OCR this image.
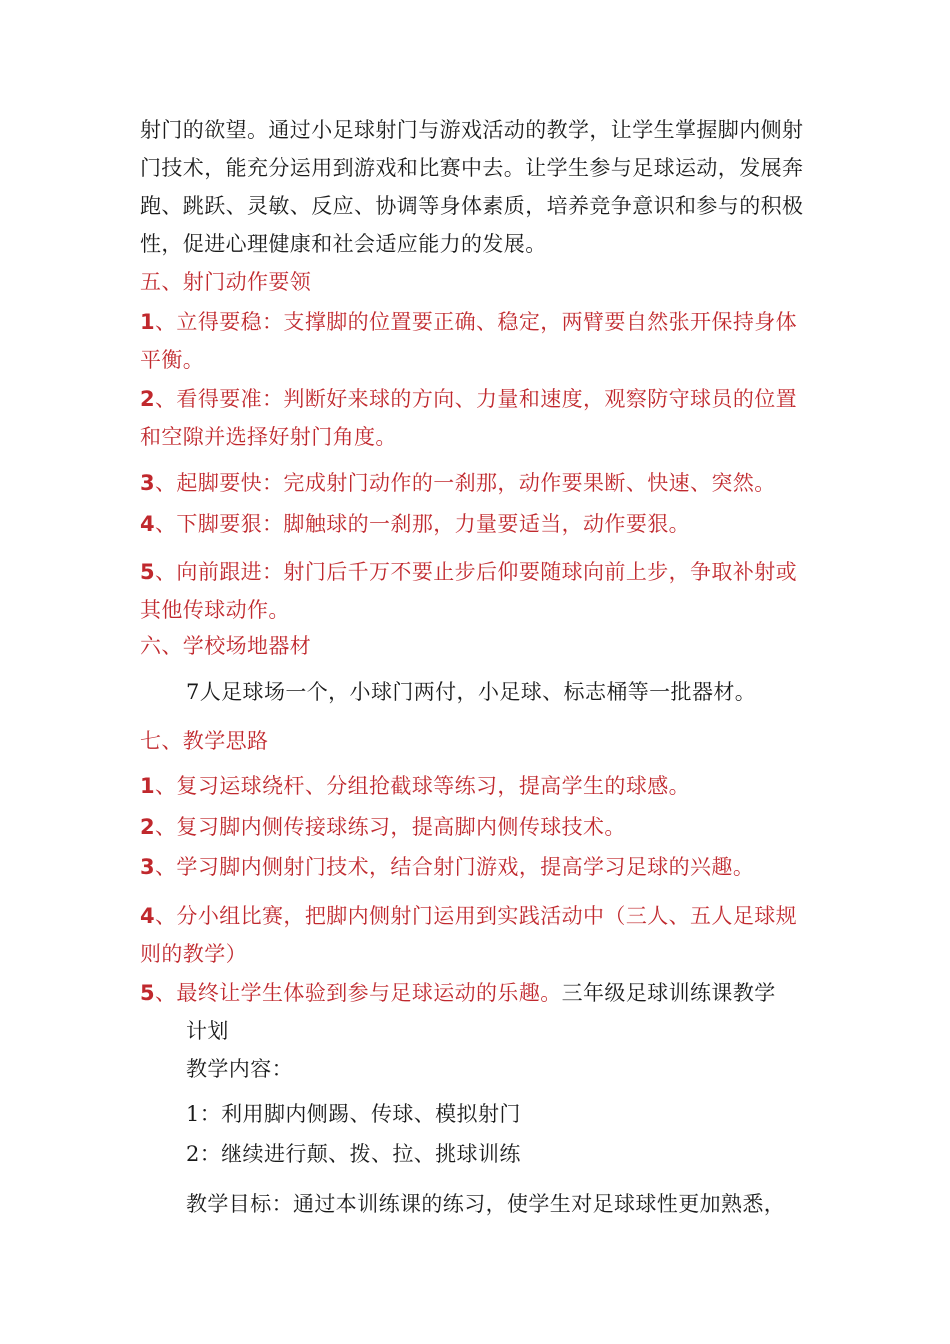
射门的欲望。通过小足球射门与游戏活动的教学，让学生掌握脚内侧射门技术，能充分运用到游戏和比赛中去。让学生参与足球运动，发展奔跑、跳跃、灵敏、反应、协调等身体素质，培养竞争意识和参与的积极性，促进心理健康和社会适应能力的发展。

五、射门动作要领

1、立得要稳：支撑脚的位置要正确、稳定，两臂要自然张开保持身体平衡。

2、看得要准：判断好来球的方向、力量和速度，观察防守球员的位置和空隙并选择好射门角度。

3、起脚要快：完成射门动作的一刹那，动作要果断、快速、突然。

4、下脚要狠：脚触球的一刹那，力量要适当，动作要狠。

5、向前跟进：射门后千万不要止步后仰要随球向前上步，争取补射或其他传球动作。

六、学校场地器材

7人足球场一个，小球门两付，小足球、标志桶等一批器材。

七、教学思路

1、复习运球绕杆、分组抢截球等练习，提高学生的球感。

2、复习脚内侧传接球练习，提高脚内侧传球技术。

3、学习脚内侧射门技术，结合射门游戏，提高学习足球的兴趣。

4、分小组比赛，把脚内侧射门运用到实践活动中（三人、五人足球规则的教学）

5、最终让学生体验到参与足球运动的乐趣。三年级足球训练课教学

计划

教学内容：

1：利用脚内侧踢、传球、模拟射门

2：继续进行颠、拨、拉、挑球训练

教学目标：通过本训练课的练习，使学生对足球球性更加熟悉，
